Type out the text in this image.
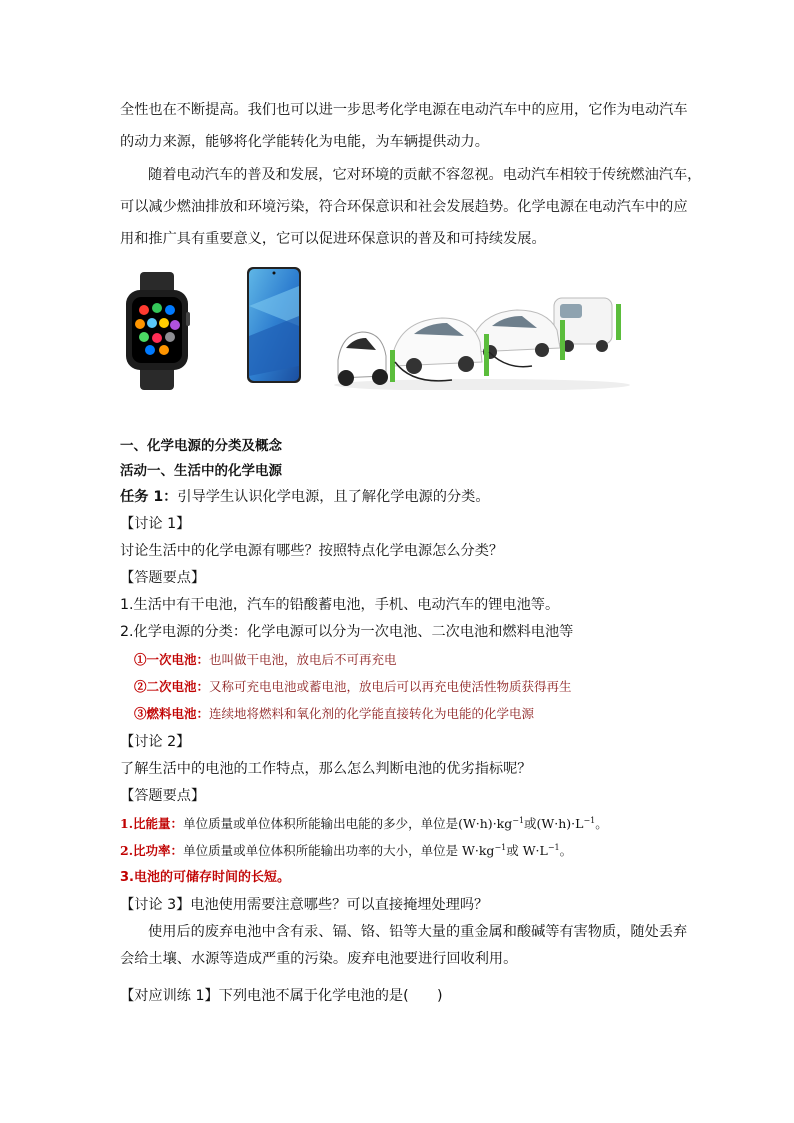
全性也在不断提高。我们也可以进一步思考化学电源在电动汽车中的应用，它作为电动汽车
的动力来源，能够将化学能转化为电能，为车辆提供动力。
随着电动汽车的普及和发展，它对环境的贡献不容忽视。电动汽车相较于传统燃油汽车，
可以减少燃油排放和环境污染，符合环保意识和社会发展趋势。化学电源在电动汽车中的应
用和推广具有重要意义，它可以促进环保意识的普及和可持续发展。
一、化学电源的分类及概念
活动一、生活中的化学电源
任务 1：引导学生认识化学电源，且了解化学电源的分类。
【讨论 1】
讨论生活中的化学电源有哪些？按照特点化学电源怎么分类？
【答题要点】
1.生活中有干电池，汽车的铅酸蓄电池，手机、电动汽车的锂电池等。
2.化学电源的分类：化学电源可以分为一次电池、二次电池和燃料电池等
①一次电池：也叫做干电池，放电后不可再充电
②二次电池：又称可充电电池或蓄电池，放电后可以再充电使活性物质获得再生
③燃料电池：连续地将燃料和氧化剂的化学能直接转化为电能的化学电源
【讨论 2】
了解生活中的电池的工作特点，那么怎么判断电池的优劣指标呢？
【答题要点】
1.比能量：单位质量或单位体积所能输出电能的多少，单位是$(W\cdot h)\cdot kg^{-1}$或$(W\cdot h)\cdot L^{-1}$。
2.比功率：单位质量或单位体积所能输出功率的大小，单位是 $W\cdot kg^{-1}$或 $W\cdot L^{-1}$。
3.电池的可储存时间的长短。
【讨论 3】电池使用需要注意哪些？可以直接掩埋处理吗？
使用后的废弃电池中含有汞、镉、铬、铅等大量的重金属和酸碱等有害物质，随处丢弃
会给土壤、水源等造成严重的污染。废弃电池要进行回收利用。
【对应训练 1】下列电池不属于化学电池的是(　　)
